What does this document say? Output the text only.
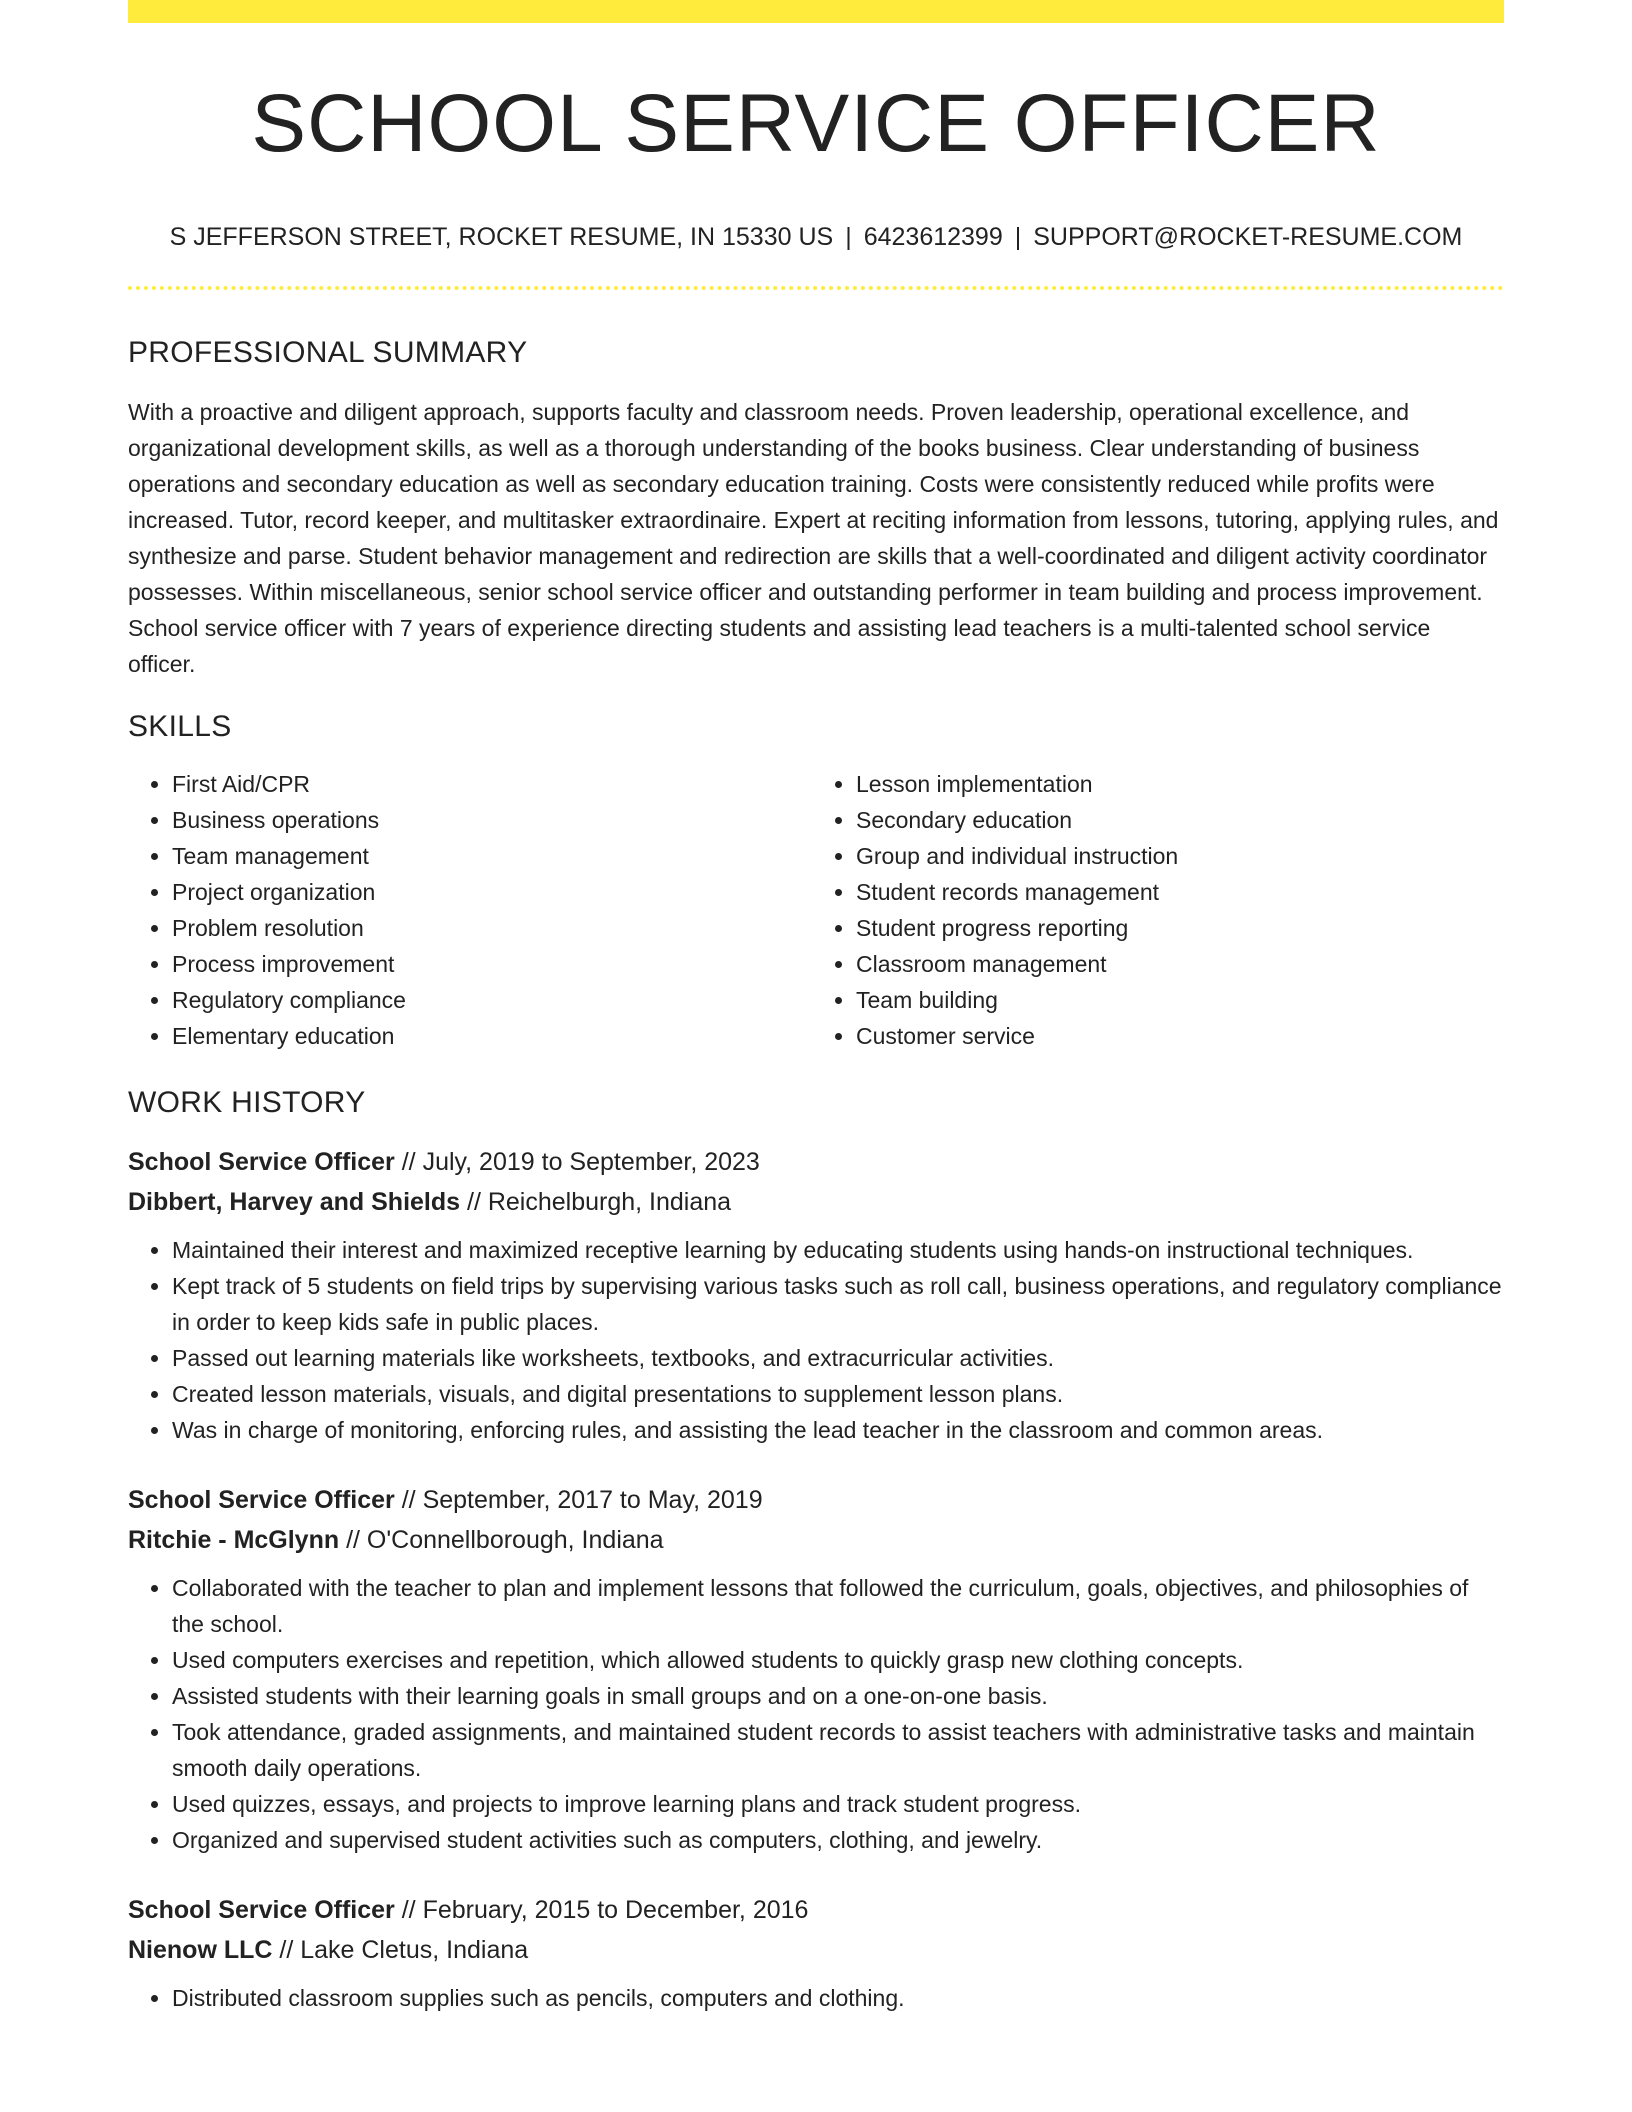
SCHOOL SERVICE OFFICER
S JEFFERSON STREET, ROCKET RESUME, IN 15330 US | 6423612399 | SUPPORT@ROCKET-RESUME.COM
PROFESSIONAL SUMMARY

With a proactive and diligent approach, supports faculty and classroom needs. Proven leadership, operational excellence, and organizational development skills, as well as a thorough understanding of the books business. Clear understanding of business operations and secondary education as well as secondary education training. Costs were consistently reduced while profits were increased. Tutor, record keeper, and multitasker extraordinaire. Expert at reciting information from lessons, tutoring, applying rules, and synthesize and parse. Student behavior management and redirection are skills that a well-coordinated and diligent activity coordinator possesses. Within miscellaneous, senior school service officer and outstanding performer in team building and process improvement. School service officer with 7 years of experience directing students and assisting lead teachers is a multi-talented school service officer.

SKILLS
• First Aid/CPR
• Business operations
• Team management
• Project organization
• Problem resolution
• Process improvement
• Regulatory compliance
• Elementary education
• Lesson implementation
• Secondary education
• Group and individual instruction
• Student records management
• Student progress reporting
• Classroom management
• Team building
• Customer service
WORK HISTORY
School Service Officer // July, 2019 to September, 2023
Dibbert, Harvey and Shields // Reichelburgh, Indiana
• Maintained their interest and maximized receptive learning by educating students using hands-on instructional techniques.
• Kept track of 5 students on field trips by supervising various tasks such as roll call, business operations, and regulatory compliance in order to keep kids safe in public places.
• Passed out learning materials like worksheets, textbooks, and extracurricular activities.
• Created lesson materials, visuals, and digital presentations to supplement lesson plans.
• Was in charge of monitoring, enforcing rules, and assisting the lead teacher in the classroom and common areas.
School Service Officer // September, 2017 to May, 2019
Ritchie - McGlynn // O'Connellborough, Indiana
• Collaborated with the teacher to plan and implement lessons that followed the curriculum, goals, objectives, and philosophies of the school.
• Used computers exercises and repetition, which allowed students to quickly grasp new clothing concepts.
• Assisted students with their learning goals in small groups and on a one-on-one basis.
• Took attendance, graded assignments, and maintained student records to assist teachers with administrative tasks and maintain smooth daily operations.
• Used quizzes, essays, and projects to improve learning plans and track student progress.
• Organized and supervised student activities such as computers, clothing, and jewelry.
School Service Officer // February, 2015 to December, 2016
Nienow LLC // Lake Cletus, Indiana
• Distributed classroom supplies such as pencils, computers and clothing.
